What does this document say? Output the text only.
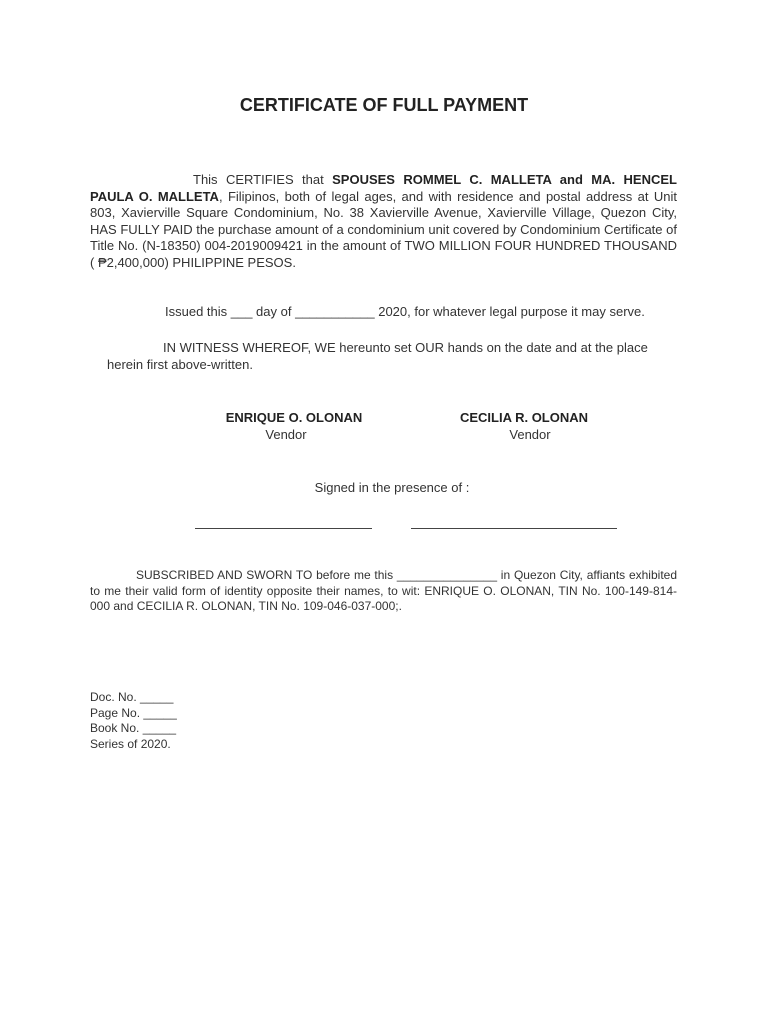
CERTIFICATE OF FULL PAYMENT
This CERTIFIES that SPOUSES ROMMEL C. MALLETA and MA. HENCEL PAULA O. MALLETA, Filipinos, both of legal ages, and with residence and postal address at Unit 803, Xavierville Square Condominium, No. 38 Xavierville Avenue, Xavierville Village, Quezon City, HAS FULLY PAID the purchase amount of a condominium unit covered by Condominium Certificate of Title No. (N-18350) 004-2019009421 in the amount of TWO MILLION FOUR HUNDRED THOUSAND ( ₱2,400,000) PHILIPPINE PESOS.
Issued this ___ day of ___________ 2020, for whatever legal purpose it may serve.
IN WITNESS WHEREOF, WE hereunto set OUR hands on the date and at the place herein first above-written.
ENRIQUE O. OLONAN
Vendor
CECILIA R. OLONAN
Vendor
Signed in the presence of :
SUBSCRIBED AND SWORN TO before me this _______________ in Quezon City, affiants exhibited to me their valid form of identity opposite their names, to wit: ENRIQUE O. OLONAN, TIN No. 100-149-814-000 and CECILIA R. OLONAN, TIN No. 109-046-037-000;.
Doc. No. _____
Page No. _____
Book No. _____
Series of 2020.
